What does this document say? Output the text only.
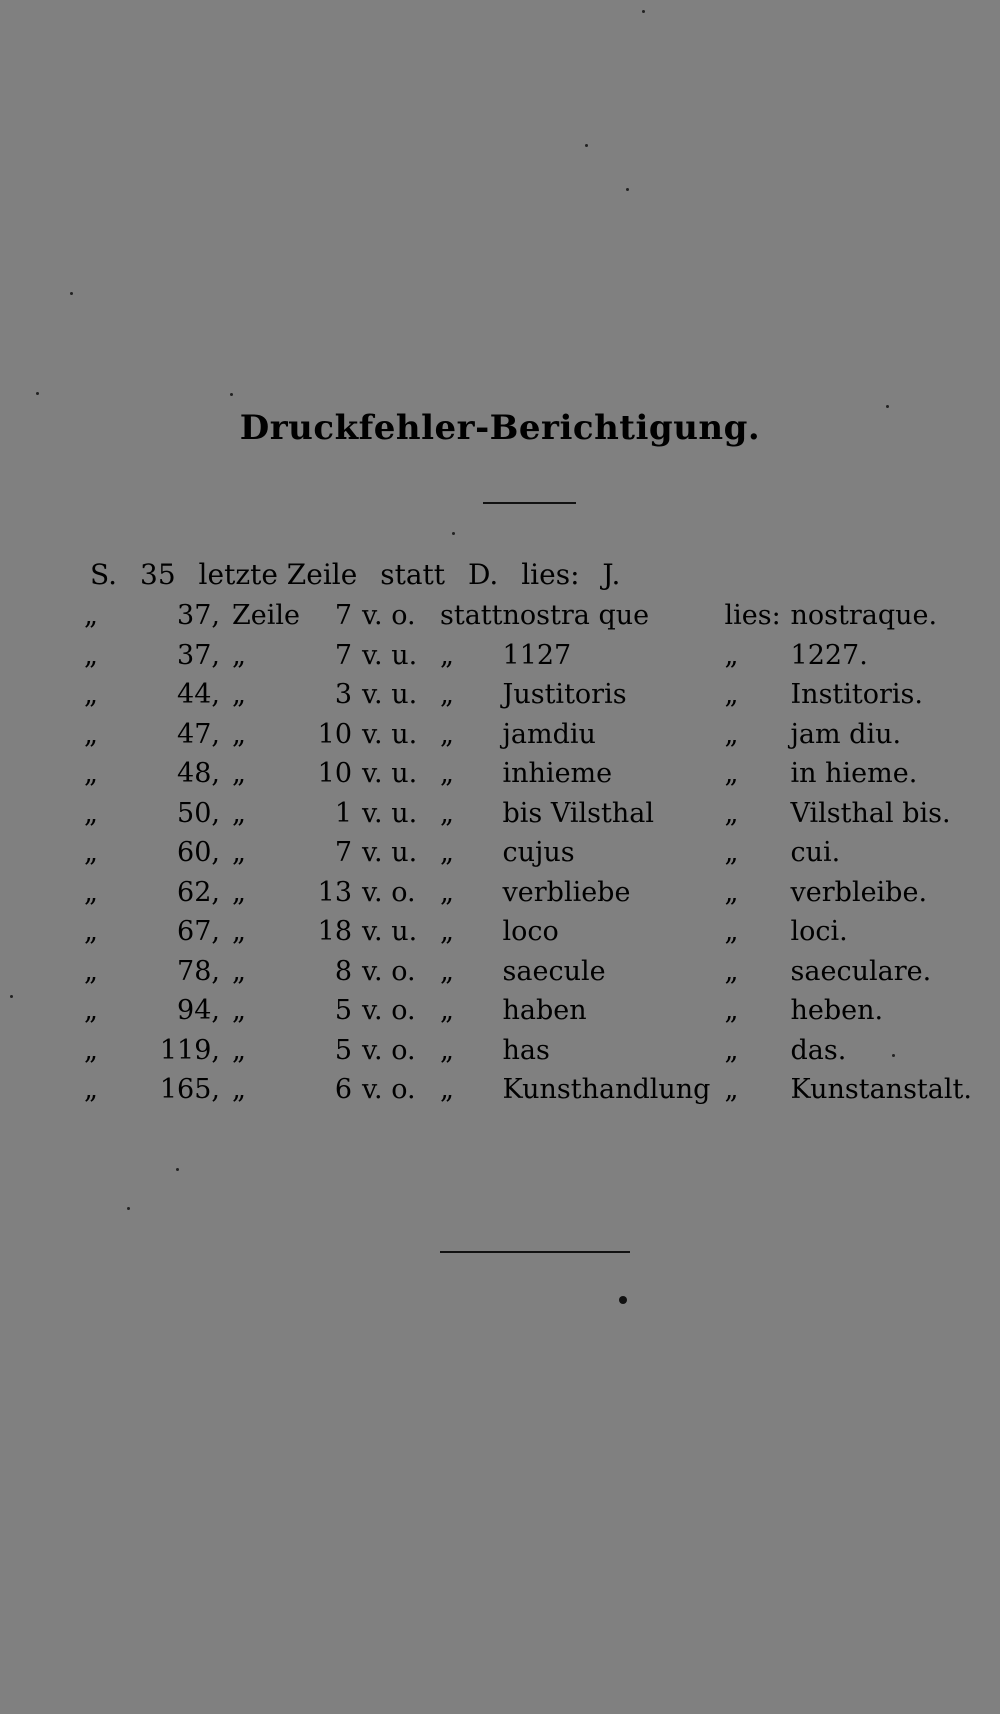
Druckfehler-Berichtigung.
S. 35 letzte Zeile statt D. lies: J.
„	37,	Zeile	7	v. o.	statt	nostra que	lies:	nostraque.
„	37,	„	7	v. u.	„	1127	„	1227.
„	44,	„	3	v. u.	„	Justitoris	„	Institoris.
„	47,	„	10	v. u.	„	jamdiu	„	jam diu.
„	48,	„	10	v. u.	„	inhieme	„	in hieme.
„	50,	„	1	v. u.	„	bis Vilsthal	„	Vilsthal bis.
„	60,	„	7	v. u.	„	cujus	„	cui.
„	62,	„	13	v. o.	„	verbliebe	„	verbleibe.
„	67,	„	18	v. u.	„	loco	„	loci.
„	78,	„	8	v. o.	„	saecule	„	saeculare.
„	94,	„	5	v. o.	„	haben	„	heben.
„	119,	„	5	v. o.	„	has	„	das.
„	165,	„	6	v. o.	„	Kunsthandlung	„	Kunstanstalt.
